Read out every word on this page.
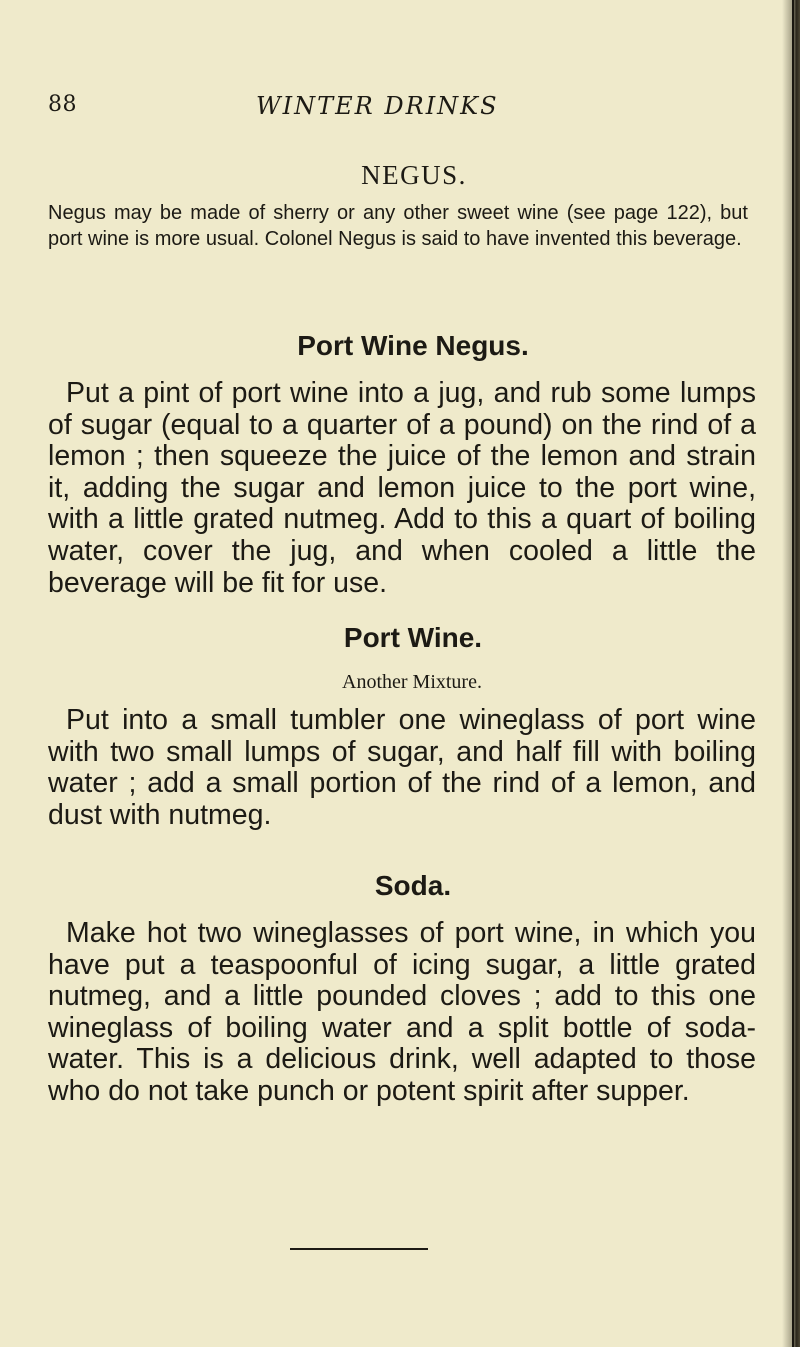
88	WINTER DRINKS
NEGUS.

Negus may be made of sherry or any other sweet wine (see page 122), but port wine is more usual. Colonel Negus is said to have invented this beverage.

Port Wine Negus.

Put a pint of port wine into a jug, and rub some lumps of sugar (equal to a quarter of a pound) on the rind of a lemon ; then squeeze the juice of the lemon and strain it, adding the sugar and lemon juice to the port wine, with a little grated nutmeg. Add to this a quart of boiling water, cover the jug, and when cooled a little the beverage will be fit for use.

Port Wine.
Another Mixture.

Put into a small tumbler one wineglass of port wine with two small lumps of sugar, and half fill with boiling water ; add a small portion of the rind of a lemon, and dust with nutmeg.

Soda.

Make hot two wineglasses of port wine, in which you have put a teaspoonful of icing sugar, a little grated nutmeg, and a little pounded cloves ; add to this one wineglass of boiling water and a split bottle of soda-water. This is a delicious drink, well adapted to those who do not take punch or potent spirit after supper.
